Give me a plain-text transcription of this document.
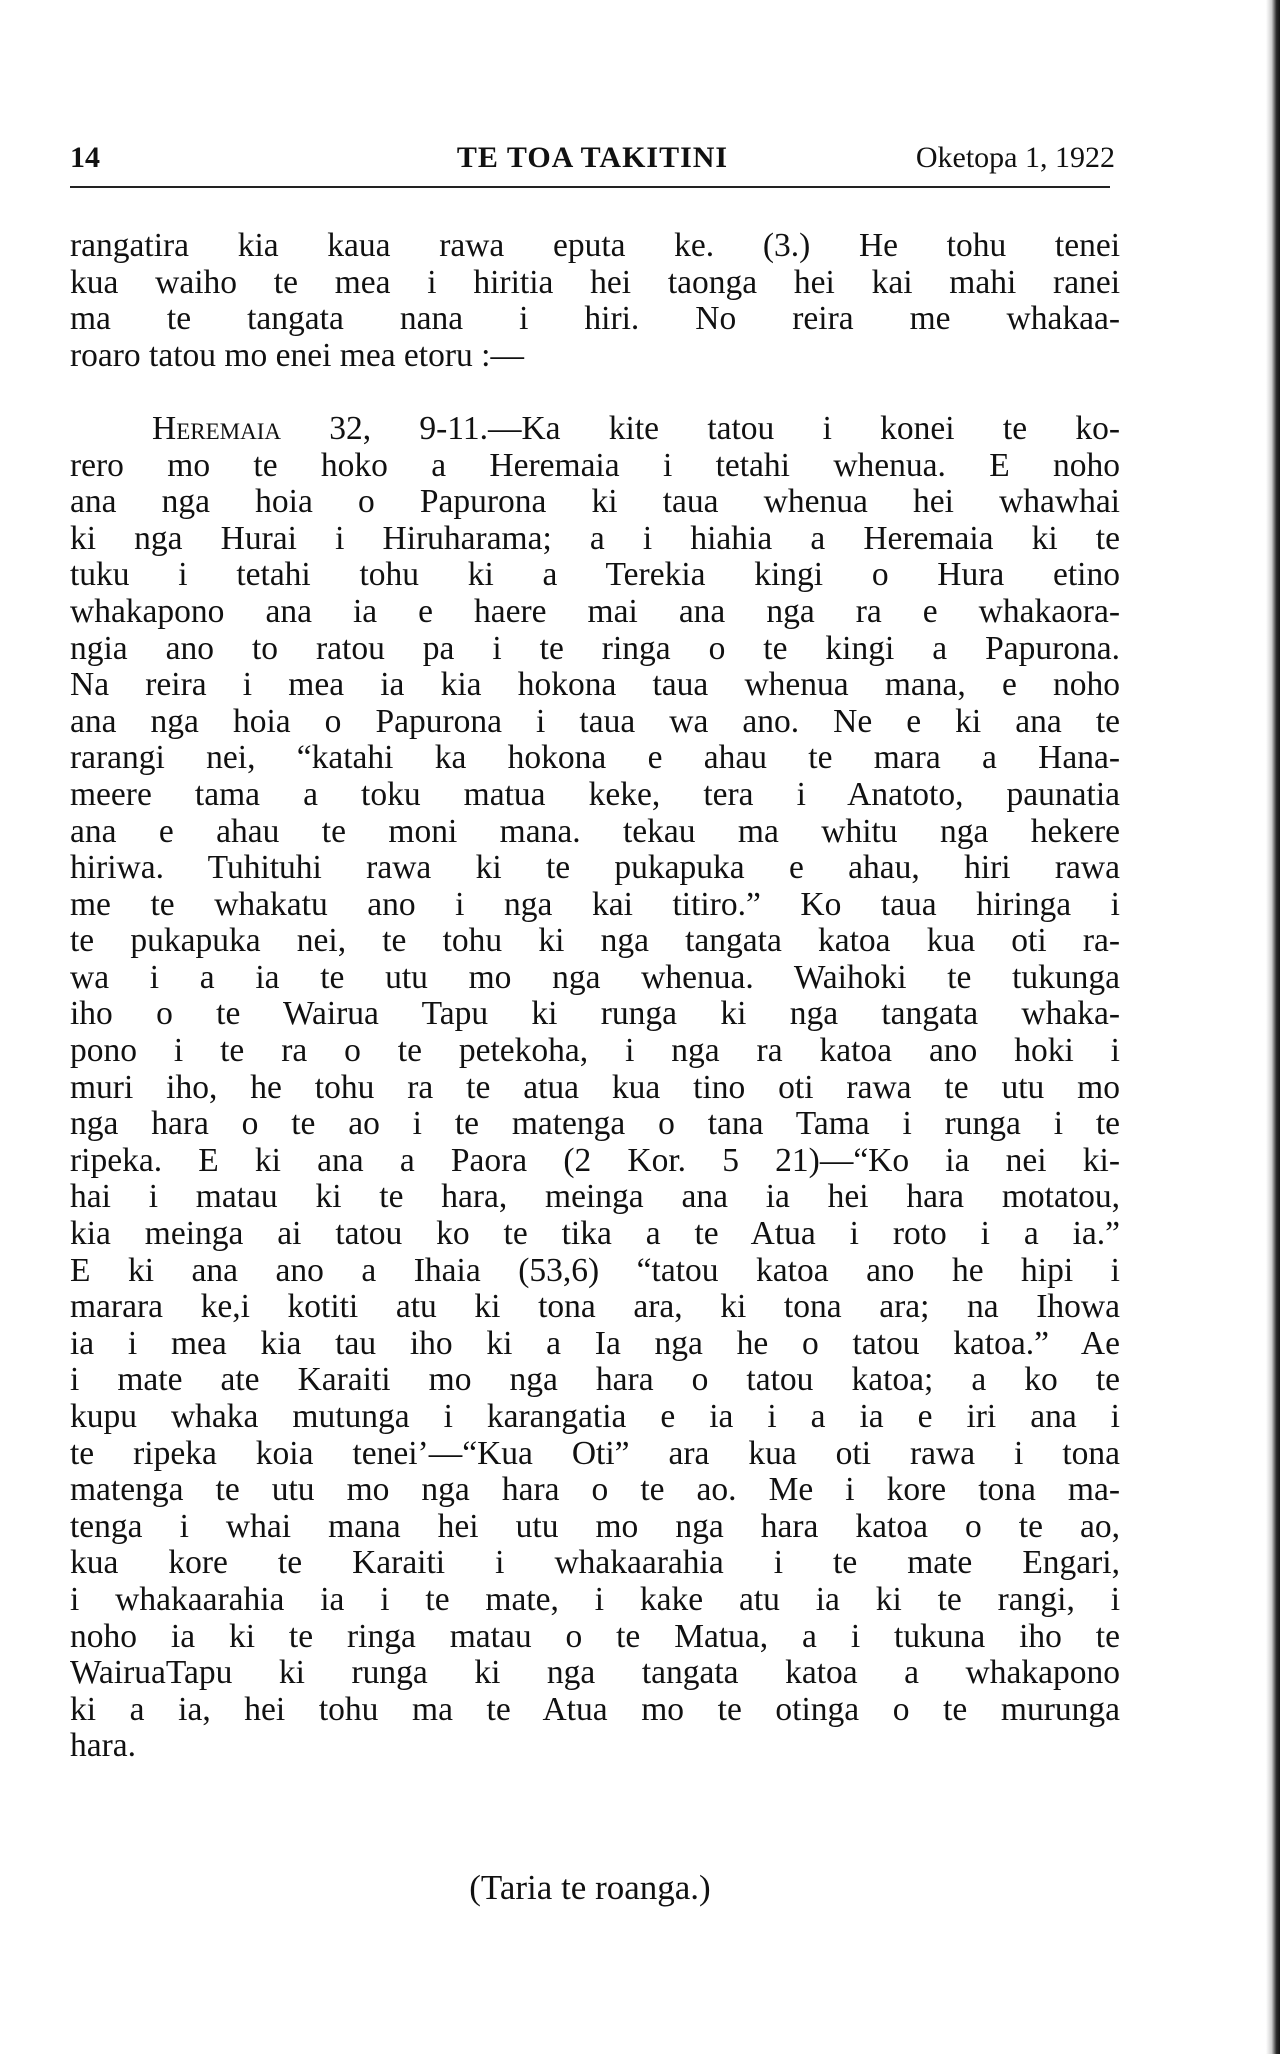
14	TE TOA TAKITINI	Oketopa 1, 1922
rangatira kia kaua rawa eputa ke. (3.) He tohu tenei
kua waiho te mea i hiritia hei taonga hei kai mahi ranei
ma te tangata nana i hiri. No reira me whakaa-
roaro tatou mo enei mea etoru :—
Heremaia 32, 9-11.—Ka kite tatou i konei te ko-
rero mo te hoko a Heremaia i tetahi whenua. E noho
ana nga hoia o Papurona ki taua whenua hei whawhai
ki nga Hurai i Hiruharama; a i hiahia a Heremaia ki te
tuku i tetahi tohu ki a Terekia kingi o Hura etino
whakapono ana ia e haere mai ana nga ra e whakaora-
ngia ano to ratou pa i te ringa o te kingi a Papurona.
Na reira i mea ia kia hokona taua whenua mana, e noho
ana nga hoia o Papurona i taua wa ano. Ne e ki ana te
rarangi nei, “katahi ka hokona e ahau te mara a Hana-
meere tama a toku matua keke, tera i Anatoto, paunatia
ana e ahau te moni mana. tekau ma whitu nga hekere
hiriwa. Tuhituhi rawa ki te pukapuka e ahau, hiri rawa
me te whakatu ano i nga kai titiro.” Ko taua hiringa i
te pukapuka nei, te tohu ki nga tangata katoa kua oti ra-
wa i a ia te utu mo nga whenua. Waihoki te tukunga
iho o te Wairua Tapu ki runga ki nga tangata whaka-
pono i te ra o te petekoha, i nga ra katoa ano hoki i
muri iho, he tohu ra te atua kua tino oti rawa te utu mo
nga hara o te ao i te matenga o tana Tama i runga i te
ripeka. E ki ana a Paora (2 Kor. 5 21)—“Ko ia nei ki-
hai i matau ki te hara, meinga ana ia hei hara motatou,
kia meinga ai tatou ko te tika a te Atua i roto i a ia.”
E ki ana ano a Ihaia (53,6) “tatou katoa ano he hipi i
marara ke,i kotiti atu ki tona ara, ki tona ara; na Ihowa
ia i mea kia tau iho ki a Ia nga he o tatou katoa.” Ae
i mate ate Karaiti mo nga hara o tatou katoa; a ko te
kupu whaka mutunga i karangatia e ia i a ia e iri ana i
te ripeka koia tenei’—“Kua Oti” ara kua oti rawa i tona
matenga te utu mo nga hara o te ao. Me i kore tona ma-
tenga i whai mana hei utu mo nga hara katoa o te ao,
kua kore te Karaiti i whakaarahia i te mate Engari,
i whakaarahia ia i te mate, i kake atu ia ki te rangi, i
noho ia ki te ringa matau o te Matua, a i tukuna iho te
WairuaTapu ki runga ki nga tangata katoa a whakapono
ki a ia, hei tohu ma te Atua mo te otinga o te murunga
hara.
(Taria te roanga.)
